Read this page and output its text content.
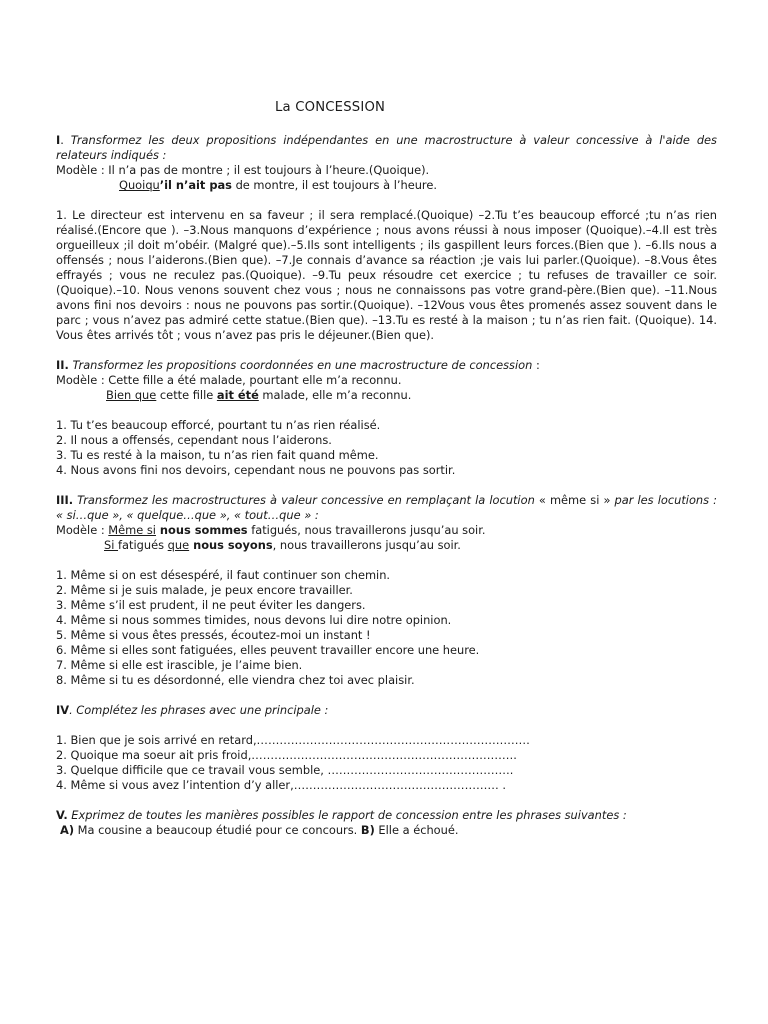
La CONCESSION

I. Transformez les deux propositions indépendantes en une macrostructure à valeur concessive à l'aide des relateurs indiqués :

Modèle : Il n’a pas de montre ; il est toujours à l’heure.(Quoique).

Quoiqu’il n’ait pas de montre, il est toujours à l’heure.

1. Le directeur est intervenu en sa faveur ; il sera remplacé.(Quoique) –2.Tu t’es beaucoup efforcé ;tu n’as rien réalisé.(Encore que ). –3.Nous manquons d’expérience ; nous avons réussi à nous imposer (Quoique).–4.Il est très orgueilleux ;il doit m’obéir. (Malgré que).–5.Ils sont intelligents ; ils gaspillent leurs forces.(Bien que ). –6.Ils nous a offensés ; nous l’aiderons.(Bien que). –7.Je connais d’avance sa réaction ;je vais lui parler.(Quoique). –8.Vous êtes effrayés ; vous ne reculez pas.(Quoique). –9.Tu peux résoudre cet exercice ; tu refuses de travailler ce soir.(Quoique).–10. Nous venons souvent chez vous ; nous ne connaissons pas votre grand-père.(Bien que). –11.Nous avons fini nos devoirs : nous ne pouvons pas sortir.(Quoique). –12Vous vous êtes promenés assez souvent dans le parc ; vous n’avez pas admiré cette statue.(Bien que). –13.Tu es resté à la maison ; tu n’as rien fait. (Quoique). 14. Vous êtes arrivés tôt ; vous n’avez pas pris le déjeuner.(Bien que).

II. Transformez les propositions coordonnées en une macrostructure de concession :

Modèle : Cette fille a été malade, pourtant elle m’a reconnu.

Bien que cette fille ait été malade, elle m’a reconnu.

1. Tu t’es beaucoup efforcé, pourtant tu n’as rien réalisé.

2. Il nous a offensés, cependant nous l’aiderons.

3. Tu es resté à la maison, tu n’as rien fait quand même.

4. Nous avons fini nos devoirs, cependant nous ne pouvons pas sortir.

III. Transformez les macrostructures à valeur concessive en remplaçant la locution « même si » par les locutions : « si…que », « quelque…que », « tout…que » :

Modèle : Même si nous sommes fatigués, nous travaillerons jusqu’au soir.

Si fatigués que nous soyons, nous travaillerons jusqu’au soir.

1. Même si on est désespéré, il faut continuer son chemin.

2. Même si je suis malade, je peux encore travailler.

3. Même s’il est prudent, il ne peut éviter les dangers.

4. Même si nous sommes timides, nous devons lui dire notre opinion.

5. Même si vous êtes pressés, écoutez-moi un instant !

6. Même si elles sont fatiguées, elles peuvent travailler encore une heure.

7. Même si elle est irascible, je l’aime bien.

8. Même si tu es désordonné, elle viendra chez toi avec plaisir.

IV. Complétez les phrases avec une principale :

1. Bien que je sois arrivé en retard,………………………………………………………………

2. Quoique ma soeur ait pris froid,…………………………………………………………….

3. Quelque difficile que ce travail vous semble, ………………………………………….

4. Même si vous avez l’intention d’y aller,……………………………………………… .

V. Exprimez de toutes les manières possibles le rapport de concession entre les phrases suivantes :

A) Ma cousine a beaucoup étudié pour ce concours. B) Elle a échoué.
